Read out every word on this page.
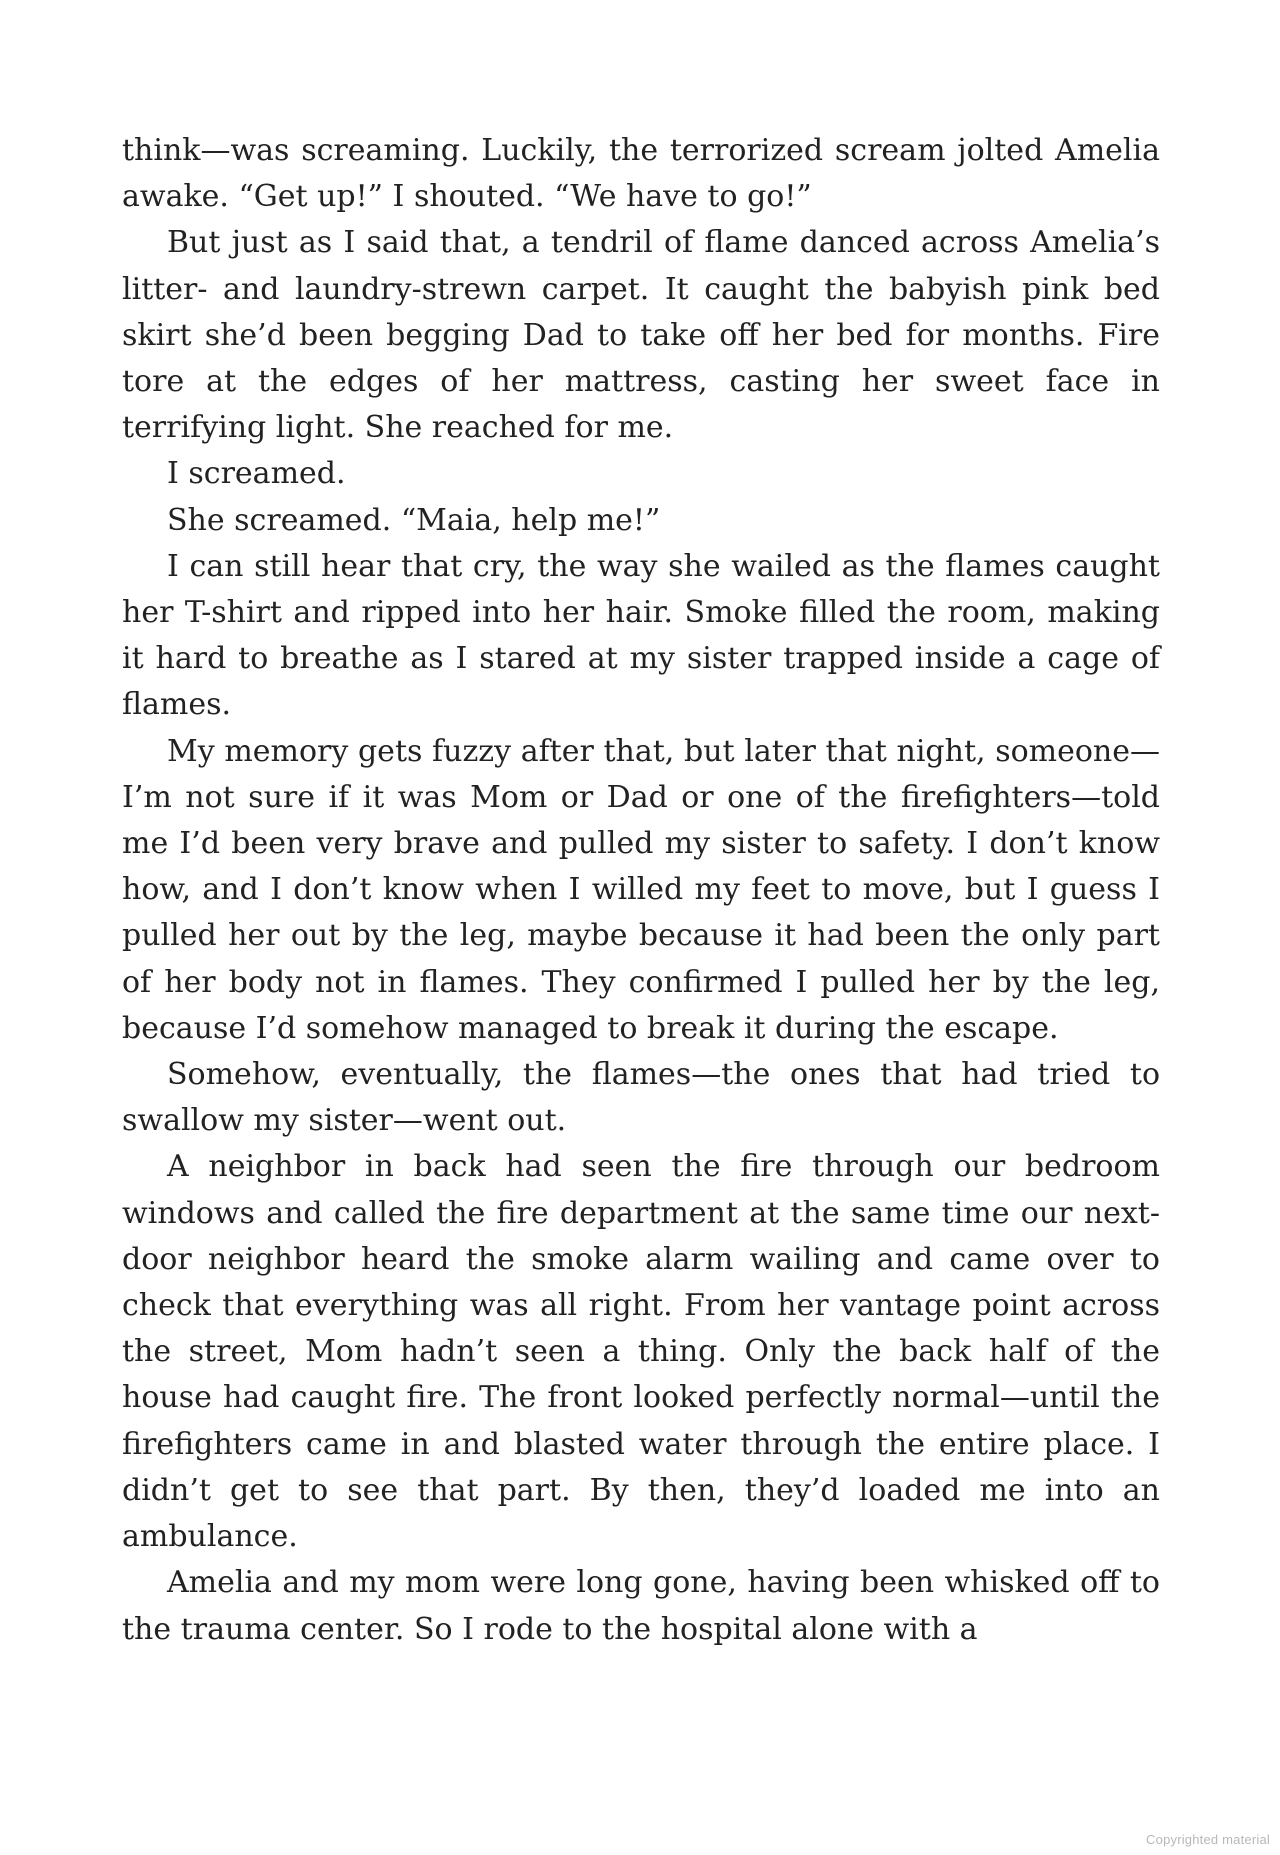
think—was screaming. Luckily, the terrorized scream jolted Amelia awake. “Get up!” I shouted. “We have to go!”

But just as I said that, a tendril of flame danced across Amelia’s litter- and laundry-strewn carpet. It caught the babyish pink bed skirt she’d been begging Dad to take off her bed for months. Fire tore at the edges of her mattress, casting her sweet face in terrifying light. She reached for me.

I screamed.

She screamed. “Maia, help me!”

I can still hear that cry, the way she wailed as the flames caught her T-shirt and ripped into her hair. Smoke filled the room, making it hard to breathe as I stared at my sister trapped inside a cage of flames.

My memory gets fuzzy after that, but later that night, someone—I’m not sure if it was Mom or Dad or one of the firefighters—told me I’d been very brave and pulled my sister to safety. I don’t know how, and I don’t know when I willed my feet to move, but I guess I pulled her out by the leg, maybe because it had been the only part of her body not in flames. They confirmed I pulled her by the leg, because I’d somehow managed to break it during the escape.

Somehow, eventually, the flames—the ones that had tried to swallow my sister—went out.

A neighbor in back had seen the fire through our bedroom windows and called the fire department at the same time our next-door neighbor heard the smoke alarm wailing and came over to check that everything was all right. From her vantage point across the street, Mom hadn’t seen a thing. Only the back half of the house had caught fire. The front looked perfectly normal—until the firefighters came in and blasted water through the entire place. I didn’t get to see that part. By then, they’d loaded me into an ambulance.

Amelia and my mom were long gone, having been whisked off to the trauma center. So I rode to the hospital alone with a

Copyrighted material
